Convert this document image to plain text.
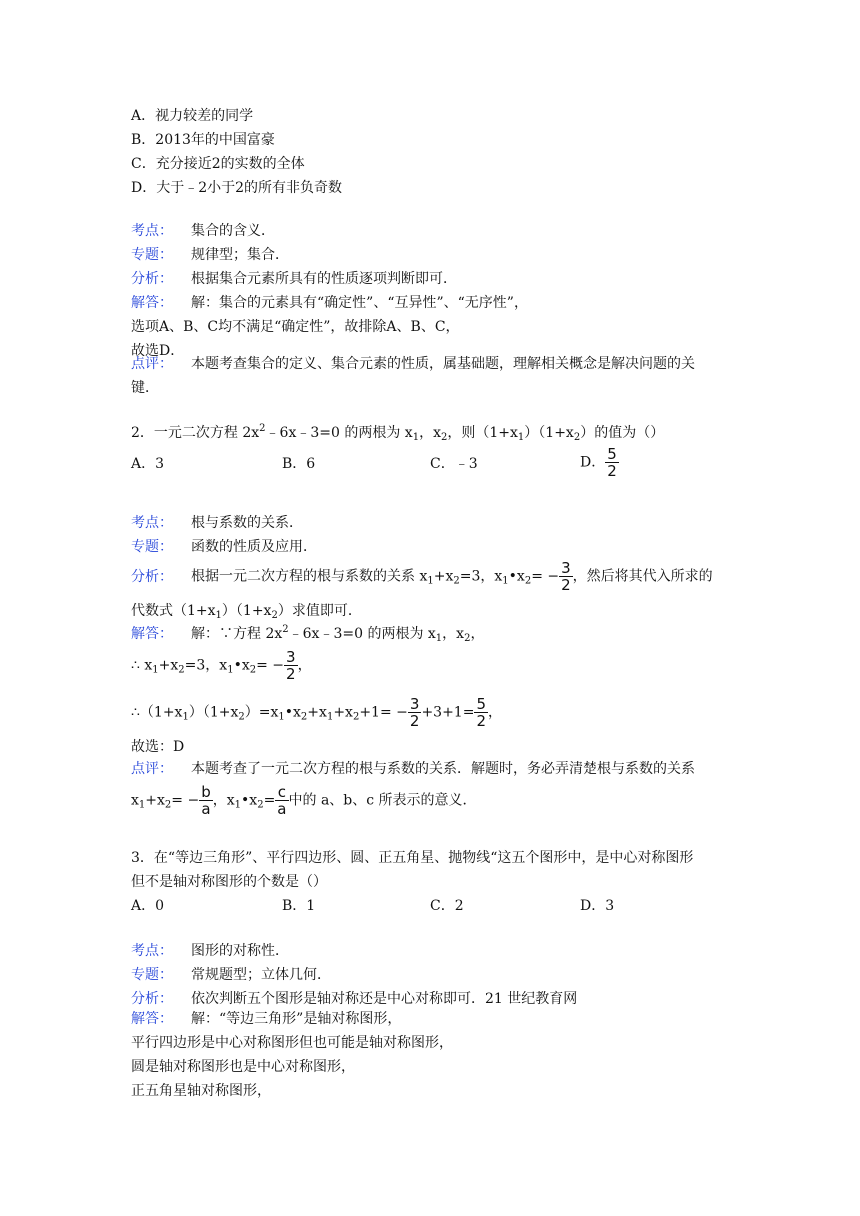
A．视力较差的同学
B．2013年的中国富豪
C．充分接近2的实数的全体
D．大于﹣2小于2的所有非负奇数
考点： 集合的含义．
专题： 规律型；集合．
分析： 根据集合元素所具有的性质逐项判断即可．
解答： 解：集合的元素具有“确定性”、“互异性”、“无序性”，
选项A、B、C均不满足“确定性”，故排除A、B、C，
故选D．
点评： 本题考查集合的定义、集合元素的性质，属基础题，理解相关概念是解决问题的关
键．
2．一元二次方程 $2x^2﹣6x﹣3=0$ 的两根为 $x_1$，$x_2$，则$(1+x_1)(1+x_2)$的值为（）
A．3	B．6	C．﹣3	D． $\frac{5}{2}$
考点： 根与系数的关系．
专题： 函数的性质及应用．
分析： 根据一元二次方程的根与系数的关系 $x_1+x_2=3$，$x_1•x_2= - \frac{3}{2}$ ，然后将其代入所求的
代数式$(1+x_1)(1+x_2)$求值即可．
解答： 解：∵方程 $2x^2﹣6x﹣3=0$ 的两根为 $x_1$，$x_2$，
∴ $x_1+x_2=3$，$x_1•x_2= - \frac{3}{2}$ ，
$\therefore(1+x_1)(1+x_2)=x_1•x_2+x_1+x_2+1= - \frac{3}{2} +3+1= \frac{5}{2}$ ，
故选：D
点评： 本题考查了一元二次方程的根与系数的关系．解题时，务必弄清楚根与系数的关系
$x_1+x_2= - \frac{b}{a}$ ，$x_1•x_2= \frac{c}{a}$ 中的 a、b、c 所表示的意义．
3．在“等边三角形”、平行四边形、圆、正五角星、抛物线“这五个图形中，是中心对称图形
但不是轴对称图形的个数是（）
A．0	B．1	C．2	D．3
考点： 图形的对称性．
专题： 常规题型；立体几何．
分析： 依次判断五个图形是轴对称还是中心对称即可．21 世纪教育网
解答： 解：“等边三角形”是轴对称图形，
平行四边形是中心对称图形但也可能是轴对称图形，
圆是轴对称图形也是中心对称图形，
正五角星轴对称图形，
